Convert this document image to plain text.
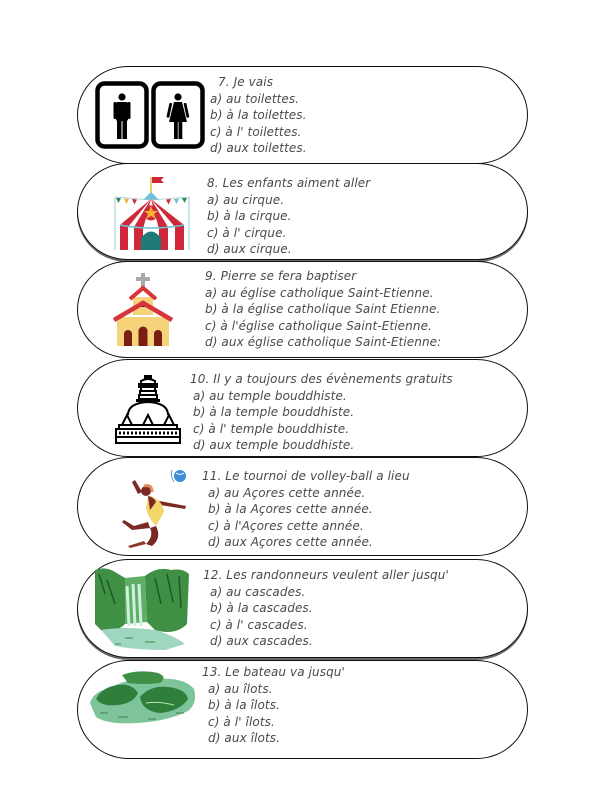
7. Je vais
a) au toilettes.
b) à la toilettes.
c) à l' toilettes.
d) aux toilettes.
8. Les enfants aiment aller
a) au cirque.
b) à la cirque.
c) à l' cirque.
d) aux cirque.
9. Pierre se fera baptiser
a) au église catholique Saint-Etienne.
b) à la église catholique Saint Etienne.
c) à l'église catholique Saint-Etienne.
d) aux église catholique Saint-Etienne:
10. Il y a toujours des évènements gratuits
a) au temple bouddhiste.
b) à la temple bouddhiste.
c) à l' temple bouddhiste.
d) aux temple bouddhiste.
11. Le tournoi de volley-ball a lieu
a) au Açores cette année.
b) à la Açores cette année.
c) à l'Açores cette année.
d) aux Açores cette année.
12. Les randonneurs veulent aller jusqu'
a) au cascades.
b) à la cascades.
c) à l' cascades.
d) aux cascades.
13. Le bateau va jusqu'
a) au îlots.
b) à la îlots.
c) à l' îlots.
d) aux îlots.
